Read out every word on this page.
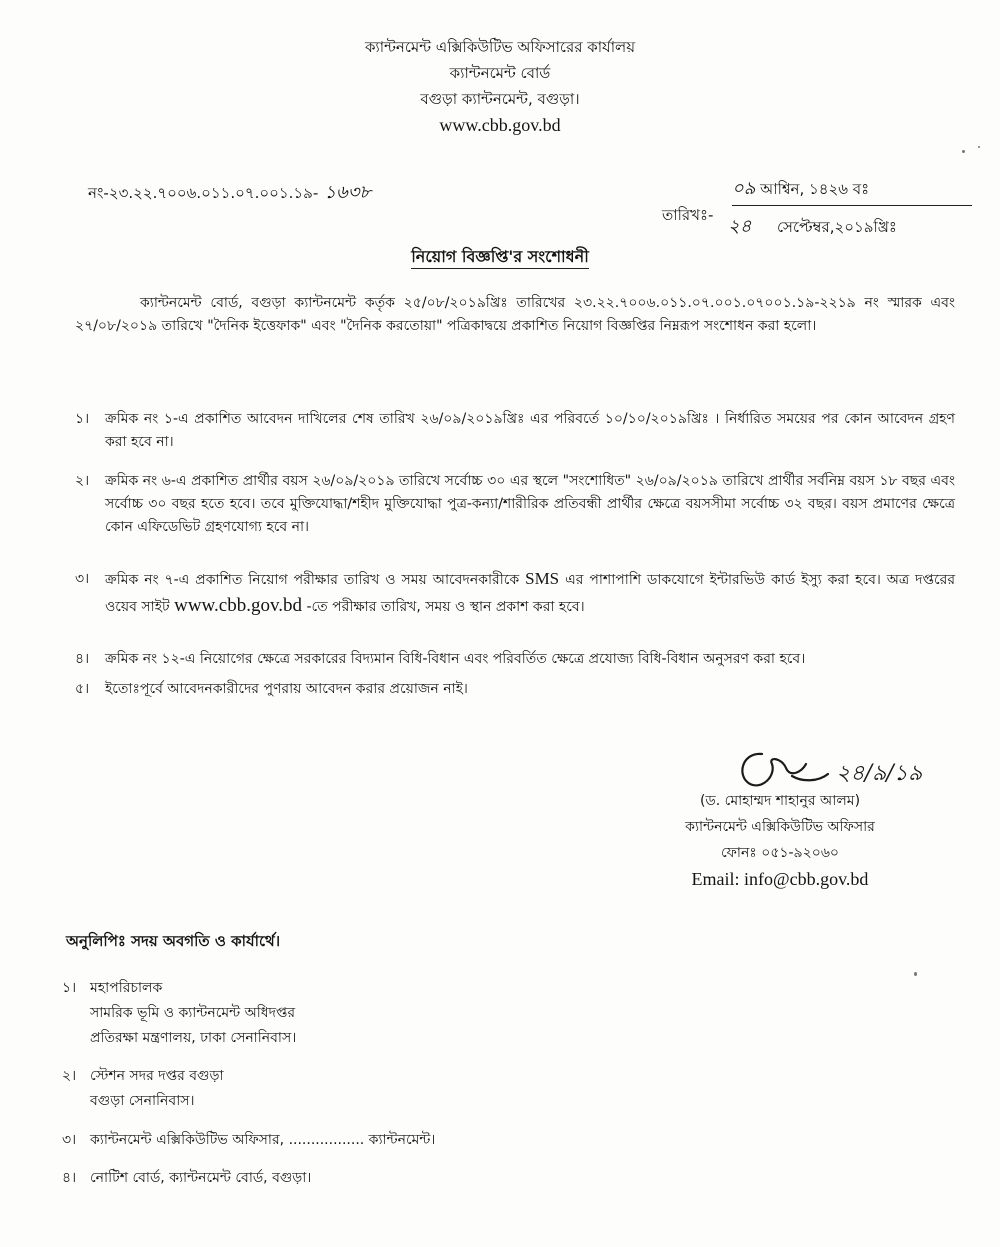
ক্যান্টনমেন্ট এক্সিকিউটিভ অফিসারের কার্যালয়
ক্যান্টনমেন্ট বোর্ড
বগুড়া ক্যান্টনমেন্ট, বগুড়া।
www.cbb.gov.bd
নং-২৩.২২.৭০০৬.০১১.০৭.০০১.১৯- ১৬৩৮	০৯ আশ্বিন, ১৪২৬ বঃ
তারিখঃ-
২৪ সেপ্টেম্বর,২০১৯খ্রিঃ
নিয়োগ বিজ্ঞপ্তি'র সংশোধনী
ক্যান্টনমেন্ট বোর্ড, বগুড়া ক্যান্টনমেন্ট কর্তৃক ২৫/০৮/২০১৯খ্রিঃ তারিখের ২৩.২২.৭০০৬.০১১.০৭.০০১.০৭০০১.১৯-২২১৯ নং স্মারক এবং ২৭/০৮/২০১৯ তারিখে "দৈনিক ইত্তেফাক" এবং "দৈনিক করতোয়া" পত্রিকাদ্বয়ে প্রকাশিত নিয়োগ বিজ্ঞপ্তির নিম্নরূপ সংশোধন করা হলো।
১।	ক্রমিক নং ১-এ প্রকাশিত আবেদন দাখিলের শেষ তারিখ ২৬/০৯/২০১৯খ্রিঃ এর পরিবর্তে ১০/১০/২০১৯খ্রিঃ । নির্ধারিত সময়ের পর কোন আবেদন গ্রহণ করা হবে না।
২।	ক্রমিক নং ৬-এ প্রকাশিত প্রার্থীর বয়স ২৬/০৯/২০১৯ তারিখে সর্বোচ্চ ৩০ এর স্থলে "সংশোধিত" ২৬/০৯/২০১৯ তারিখে প্রার্থীর সর্বনিম্ন বয়স ১৮ বছর এবং সর্বোচ্চ ৩০ বছর হতে হবে। তবে মুক্তিযোদ্ধা/শহীদ মুক্তিযোদ্ধা পুত্র-কন্যা/শারীরিক প্রতিবন্ধী প্রার্থীর ক্ষেত্রে বয়সসীমা সর্বোচ্চ ৩২ বছর। বয়স প্রমাণের ক্ষেত্রে কোন এফিডেভিট গ্রহণযোগ্য হবে না।
৩।	ক্রমিক নং ৭-এ প্রকাশিত নিয়োগ পরীক্ষার তারিখ ও সময় আবেদনকারীকে SMS এর পাশাপাশি ডাকযোগে ইন্টারভিউ কার্ড ইস্যু করা হবে। অত্র দপ্তরের ওয়েব সাইট www.cbb.gov.bd -তে পরীক্ষার তারিখ, সময় ও স্থান প্রকাশ করা হবে।
৪।	ক্রমিক নং ১২-এ নিয়োগের ক্ষেত্রে সরকারের বিদ্যমান বিধি-বিধান এবং পরিবর্তিত ক্ষেত্রে প্রযোজ্য বিধি-বিধান অনুসরণ করা হবে।
৫।	ইতোঃপূর্বে আবেদনকারীদের পুণরায় আবেদন করার প্রয়োজন নাই।
২৪/৯/১৯
(ড. মোহাম্মদ শাহানুর আলম)
ক্যান্টনমেন্ট এক্সিকিউটিভ অফিসার
ফোনঃ ০৫১-৯২০৬০
Email: info@cbb.gov.bd
অনুলিপিঃ সদয় অবগতি ও কার্যার্থে।
১। মহাপরিচালক
সামরিক ভূমি ও ক্যান্টনমেন্ট অধিদপ্তর
প্রতিরক্ষা মন্ত্রণালয়, ঢাকা সেনানিবাস।
২। স্টেশন সদর দপ্তর বগুড়া
বগুড়া সেনানিবাস।
৩। ক্যান্টনমেন্ট এক্সিকিউটিভ অফিসার, ................. ক্যান্টনমেন্ট।
৪। নোটিশ বোর্ড, ক্যান্টনমেন্ট বোর্ড, বগুড়া।
